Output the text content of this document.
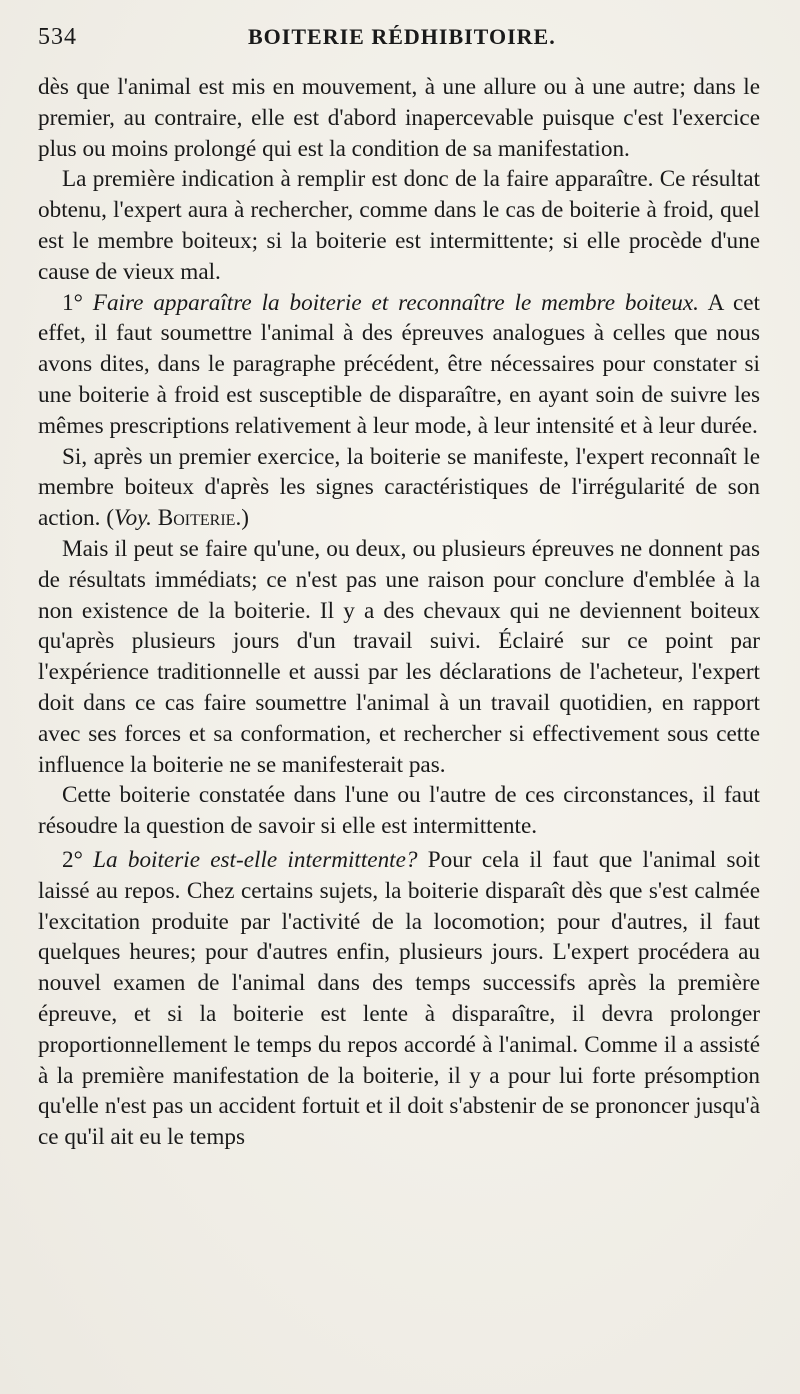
534	BOITERIE RÉDHIBITOIRE.

dès que l'animal est mis en mouvement, à une allure ou à une autre; dans le premier, au contraire, elle est d'abord inapercevable puisque c'est l'exercice plus ou moins prolongé qui est la condition de sa manifestation.

La première indication à remplir est donc de la faire apparaître. Ce résultat obtenu, l'expert aura à rechercher, comme dans le cas de boiterie à froid, quel est le membre boiteux; si la boiterie est intermittente; si elle procède d'une cause de vieux mal.

1° Faire apparaître la boiterie et reconnaître le membre boiteux. A cet effet, il faut soumettre l'animal à des épreuves analogues à celles que nous avons dites, dans le paragraphe précédent, être nécessaires pour constater si une boiterie à froid est susceptible de disparaître, en ayant soin de suivre les mêmes prescriptions relativement à leur mode, à leur intensité et à leur durée.

Si, après un premier exercice, la boiterie se manifeste, l'expert reconnaît le membre boiteux d'après les signes caractéristiques de l'irrégularité de son action. (Voy. Boiterie.)

Mais il peut se faire qu'une, ou deux, ou plusieurs épreuves ne donnent pas de résultats immédiats; ce n'est pas une raison pour conclure d'emblée à la non existence de la boiterie. Il y a des chevaux qui ne deviennent boiteux qu'après plusieurs jours d'un travail suivi. Éclairé sur ce point par l'expérience traditionnelle et aussi par les déclarations de l'acheteur, l'expert doit dans ce cas faire soumettre l'animal à un travail quotidien, en rapport avec ses forces et sa conformation, et rechercher si effectivement sous cette influence la boiterie ne se manifesterait pas.

Cette boiterie constatée dans l'une ou l'autre de ces circonstances, il faut résoudre la question de savoir si elle est intermittente.

2° La boiterie est-elle intermittente? Pour cela il faut que l'animal soit laissé au repos. Chez certains sujets, la boiterie disparaît dès que s'est calmée l'excitation produite par l'activité de la locomotion; pour d'autres, il faut quelques heures; pour d'autres enfin, plusieurs jours. L'expert procédera au nouvel examen de l'animal dans des temps successifs après la première épreuve, et si la boiterie est lente à disparaître, il devra prolonger proportionnellement le temps du repos accordé à l'animal. Comme il a assisté à la première manifestation de la boiterie, il y a pour lui forte présomption qu'elle n'est pas un accident fortuit et il doit s'abstenir de se prononcer jusqu'à ce qu'il ait eu le temps
